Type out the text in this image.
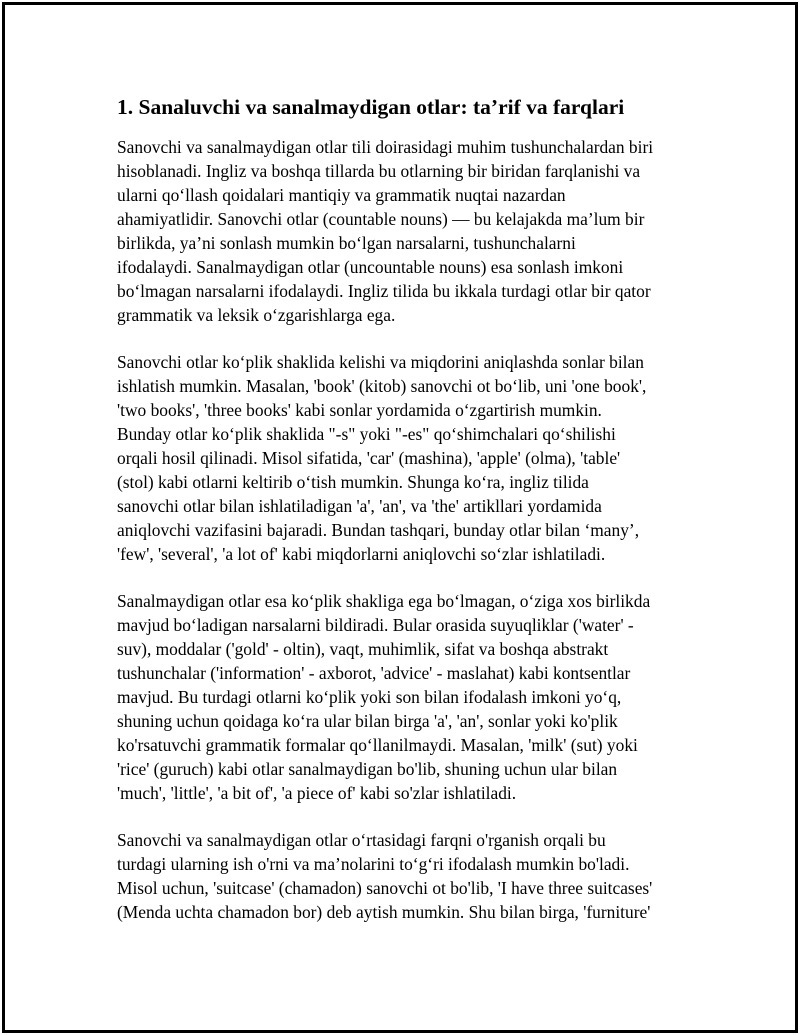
1. Sanaluvchi va sanalmaydigan otlar: ta’rif va farqlari
Sanovchi va sanalmaydigan otlar tili doirasidagi muhim tushunchalardan biri
hisoblanadi. Ingliz va boshqa tillarda bu otlarning bir biridan farqlanishi va
ularni qo‘llash qoidalari mantiqiy va grammatik nuqtai nazardan
ahamiyatlidir. Sanovchi otlar (countable nouns) — bu kelajakda ma’lum bir
birlikda, ya’ni sonlash mumkin bo‘lgan narsalarni, tushunchalarni
ifodalaydi. Sanalmaydigan otlar (uncountable nouns) esa sonlash imkoni
bo‘lmagan narsalarni ifodalaydi. Ingliz tilida bu ikkala turdagi otlar bir qator
grammatik va leksik o‘zgarishlarga ega.
Sanovchi otlar ko‘plik shaklida kelishi va miqdorini aniqlashda sonlar bilan
ishlatish mumkin. Masalan, 'book' (kitob) sanovchi ot bo‘lib, uni 'one book',
'two books', 'three books' kabi sonlar yordamida o‘zgartirish mumkin.
Bunday otlar ko‘plik shaklida "-s" yoki "-es" qo‘shimchalari qo‘shilishi
orqali hosil qilinadi. Misol sifatida, 'car' (mashina), 'apple' (olma), 'table'
(stol) kabi otlarni keltirib o‘tish mumkin. Shunga ko‘ra, ingliz tilida
sanovchi otlar bilan ishlatiladigan 'a', 'an', va 'the' artikllari yordamida
aniqlovchi vazifasini bajaradi. Bundan tashqari, bunday otlar bilan ‘many’,
'few', 'several', 'a lot of' kabi miqdorlarni aniqlovchi so‘zlar ishlatiladi.
Sanalmaydigan otlar esa ko‘plik shakliga ega bo‘lmagan, o‘ziga xos birlikda
mavjud bo‘ladigan narsalarni bildiradi. Bular orasida suyuqliklar ('water' -
suv), moddalar ('gold' - oltin), vaqt, muhimlik, sifat va boshqa abstrakt
tushunchalar ('information' - axborot, 'advice' - maslahat) kabi kontsentlar
mavjud. Bu turdagi otlarni ko‘plik yoki son bilan ifodalash imkoni yo‘q,
shuning uchun qoidaga ko‘ra ular bilan birga 'a', 'an', sonlar yoki ko'plik
ko'rsatuvchi grammatik formalar qo‘llanilmaydi. Masalan, 'milk' (sut) yoki
'rice' (guruch) kabi otlar sanalmaydigan bo'lib, shuning uchun ular bilan
'much', 'little', 'a bit of', 'a piece of' kabi so'zlar ishlatiladi.
Sanovchi va sanalmaydigan otlar o‘rtasidagi farqni o'rganish orqali bu
turdagi ularning ish o'rni va ma’nolarini to‘g‘ri ifodalash mumkin bo'ladi.
Misol uchun, 'suitcase' (chamadon) sanovchi ot bo'lib, 'I have three suitcases'
(Menda uchta chamadon bor) deb aytish mumkin. Shu bilan birga, 'furniture'
